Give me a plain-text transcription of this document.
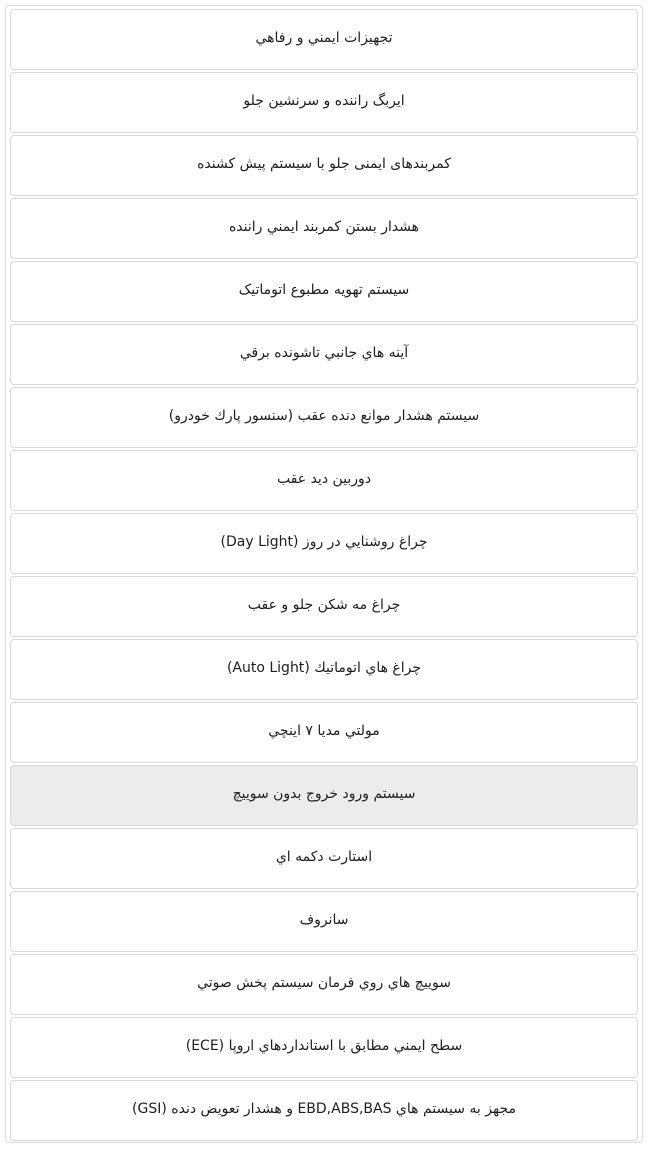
تجهيزات ايمني و رفاهي
ايربگ راننده و سرنشين جلو
کمربندهای ایمنی جلو با سیستم پیش کشنده
هشدار بستن کمربند ايمني راننده
سیستم تهویه مطبوع اتوماتیک
آينه هاي جانبي تاشونده برقي
سيستم هشدار موانع دنده عقب (سنسور پارك خودرو)
دوربين ديد عقب
چراغ روشنايي در روز (Day Light)
چراغ مه شكن جلو و عقب
چراغ هاي اتوماتيك (Auto Light)
مولتي مديا ۷ اينچي
سيستم ورود خروج بدون سوييچ
استارت دكمه اي
سانروف
سوييچ هاي روي فرمان سيستم پخش صوتي
سطح ايمني مطابق با استانداردهاي اروپا (ECE)
مجهز به سيستم هاي EBD,ABS,BAS و هشدار تعويض دنده (GSI)
